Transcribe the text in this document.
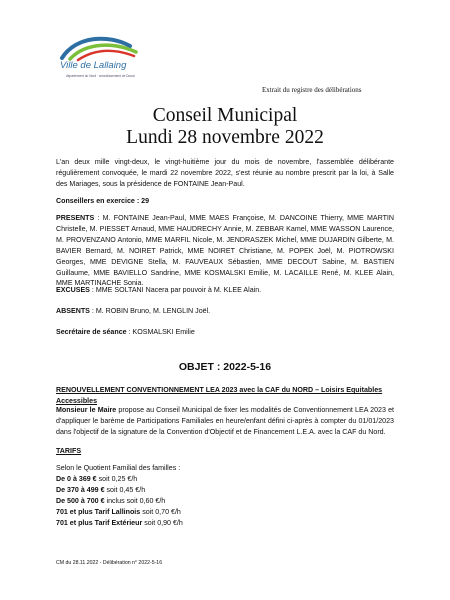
Ville de Lallaing
département du Nord · arrondissement de Douai
Extrait du registre des délibérations
Conseil Municipal
Lundi 28 novembre 2022
L'an deux mille vingt-deux, le vingt-huitième jour du mois de novembre, l'assemblée délibérante régulièrement convoquée, le mardi 22 novembre 2022, s'est réunie au nombre prescrit par la loi, à Salle des Mariages, sous la présidence de FONTAINE Jean-Paul.
Conseillers en exercice : 29
PRESENTS : M. FONTAINE Jean-Paul, MME MAES Françoise, M. DANCOINE Thierry, MME MARTIN Christelle, M. PIESSET Arnaud, MME HAUDRECHY Annie, M. ZEBBAR Kamel, MME WASSON Laurence, M. PROVENZANO Antonio, MME MARFIL Nicole, M. JENDRASZEK Michel, MME DUJARDIN Gilberte, M. BAVIER Bernard, M. NOIRET Patrick, MME NOIRET Christiane, M. POPEK Joël, M. PIOTROWSKI Georges, MME DEVIGNE Stella, M. FAUVEAUX Sébastien, MME DECOUT Sabine, M. BASTIEN Guillaume, MME BAVIELLO Sandrine, MME KOSMALSKI Emilie, M. LACAILLE René, M. KLEE Alain, MME MARTINACHE Sonia.
EXCUSES : MME SOLTANI Nacera par pouvoir à M. KLEE Alain.
ABSENTS : M. ROBIN Bruno, M. LENGLIN Joël.
Secrétaire de séance : KOSMALSKI Emilie
OBJET : 2022-5-16
RENOUVELLEMENT CONVENTIONNEMENT LEA 2023 avec la CAF du NORD – Loisirs Equitables Accessibles
Monsieur le Maire propose au Conseil Municipal de fixer les modalités de Conventionnement LEA 2023 et d'appliquer le barème de Participations Familiales en heure/enfant défini ci-après à compter du 01/01/2023 dans l'objectif de la signature de la Convention d'Objectif et de Financement L.E.A. avec la CAF du Nord.
TARIFS
Selon le Quotient Familial des familles :
De 0 à 369 € soit 0,25 €/h
De 370 à 499 € soit 0,45 €/h
De 500 à 700 € inclus soit 0,60 €/h
701 et plus Tarif Lallinois soit 0,70 €/h
701 et plus Tarif Extérieur soit 0,90 €/h
CM du 28.11.2022 - Délibération n° 2022-5-16
